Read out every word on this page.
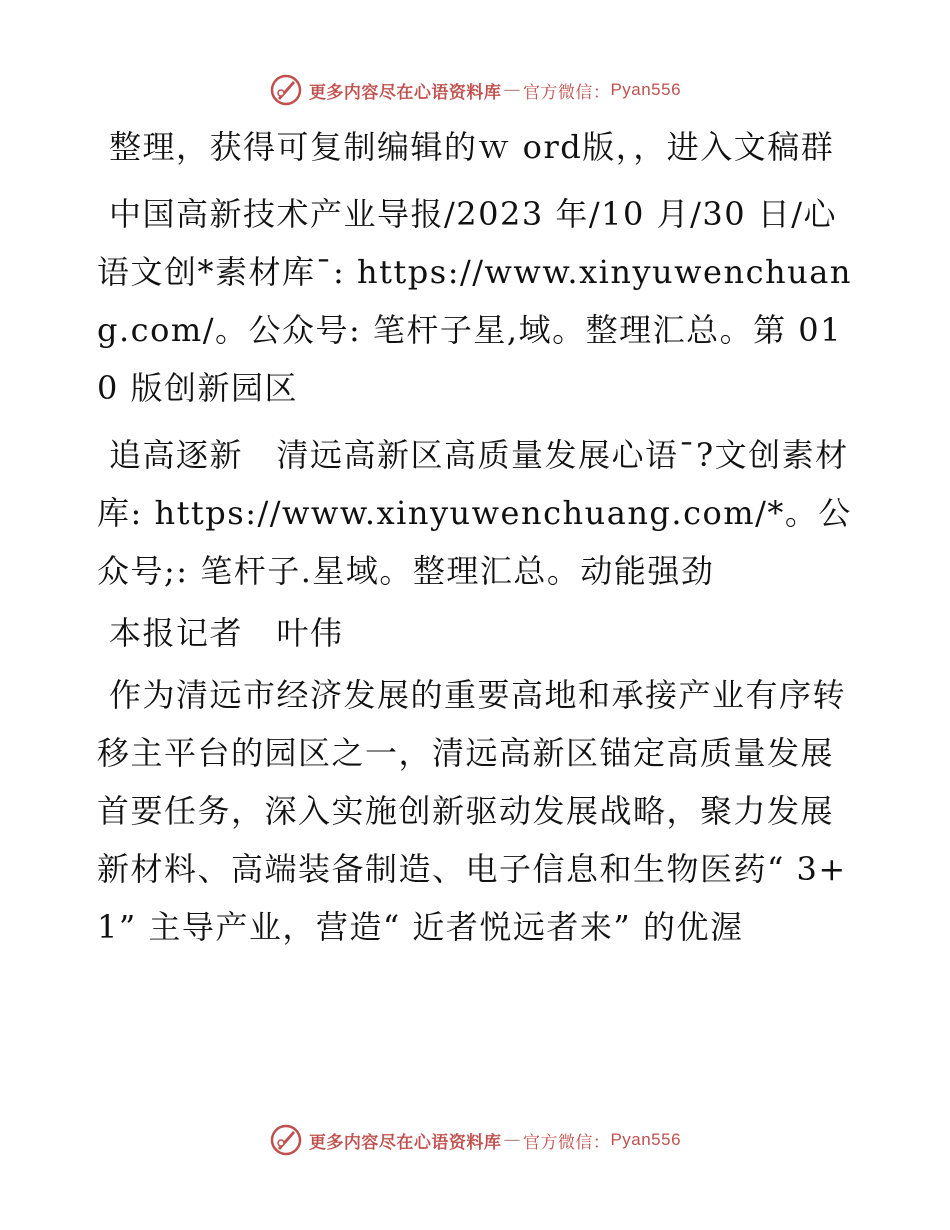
更多内容尽在心语资料库 — 官方微信： Pyan556

整理，获得可复制编辑的ｗ ord版，，进入文稿群

中国高新技术产业导报/2023 年/10 月/30 日/心语文创*素材库¯: https://www.xinyuwenchuang.com/。公众号: 笔杆子星,域。整理汇总。第 010 版创新园区

追高逐新　清远高新区高质量发展心语¯?文创素材库: https://www.xinyuwenchuang.com/*。公众号;: 笔杆子.星域。整理汇总。动能强劲

本报记者　叶伟

作为清远市经济发展的重要高地和承接产业有序转移主平台的园区之一，清远高新区锚定高质量发展首要任务，深入实施创新驱动发展战略，聚力发展新材料、高端装备制造、电子信息和生物医药“ 3+1” 主导产业，营造“ 近者悦远者来” 的优渥

更多内容尽在心语资料库 — 官方微信： Pyan556
